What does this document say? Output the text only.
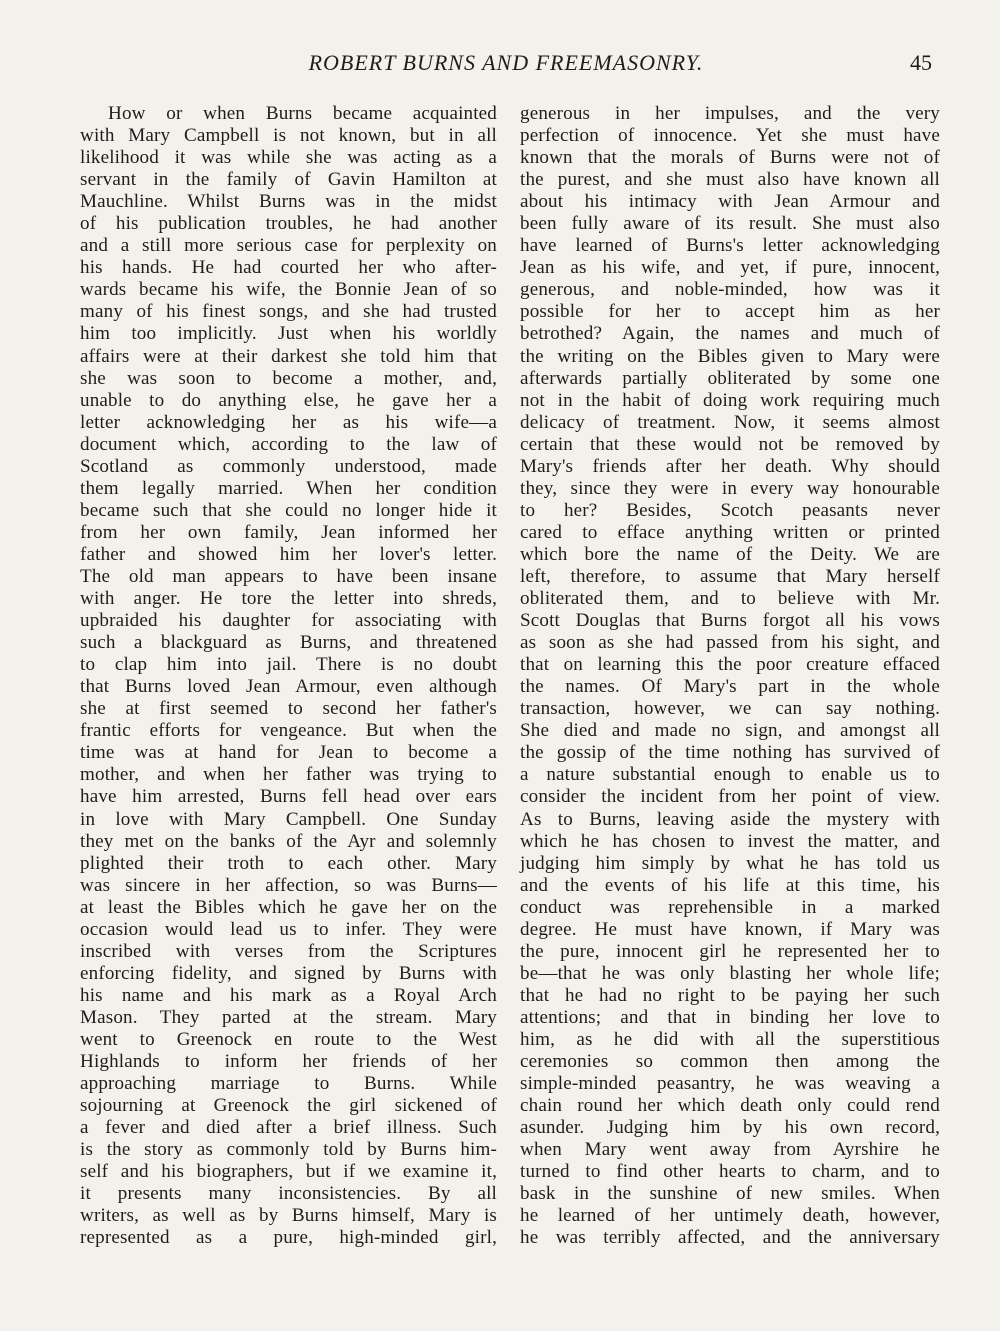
ROBERT BURNS AND FREEMASONRY.	45
How or when Burns became acquainted
with Mary Campbell is not known, but in all
likelihood it was while she was acting as a
servant in the family of Gavin Hamilton at
Mauchline. Whilst Burns was in the midst
of his publication troubles, he had another
and a still more serious case for perplexity on
his hands. He had courted her who after-
wards became his wife, the Bonnie Jean of so
many of his finest songs, and she had trusted
him too implicitly. Just when his worldly
affairs were at their darkest she told him that
she was soon to become a mother, and,
unable to do anything else, he gave her a
letter acknowledging her as his wife—a
document which, according to the law of
Scotland as commonly understood, made
them legally married. When her condition
became such that she could no longer hide it
from her own family, Jean informed her
father and showed him her lover's letter.
The old man appears to have been insane
with anger. He tore the letter into shreds,
upbraided his daughter for associating with
such a blackguard as Burns, and threatened
to clap him into jail. There is no doubt
that Burns loved Jean Armour, even although
she at first seemed to second her father's
frantic efforts for vengeance. But when the
time was at hand for Jean to become a
mother, and when her father was trying to
have him arrested, Burns fell head over ears
in love with Mary Campbell. One Sunday
they met on the banks of the Ayr and solemnly
plighted their troth to each other. Mary
was sincere in her affection, so was Burns—
at least the Bibles which he gave her on the
occasion would lead us to infer. They were
inscribed with verses from the Scriptures
enforcing fidelity, and signed by Burns with
his name and his mark as a Royal Arch
Mason. They parted at the stream. Mary
went to Greenock en route to the West
Highlands to inform her friends of her
approaching marriage to Burns. While
sojourning at Greenock the girl sickened of
a fever and died after a brief illness. Such
is the story as commonly told by Burns him-
self and his biographers, but if we examine it,
it presents many inconsistencies. By all
writers, as well as by Burns himself, Mary is
represented as a pure, high-minded girl,
generous in her impulses, and the very
perfection of innocence. Yet she must have
known that the morals of Burns were not of
the purest, and she must also have known all
about his intimacy with Jean Armour and
been fully aware of its result. She must also
have learned of Burns's letter acknowledging
Jean as his wife, and yet, if pure, innocent,
generous, and noble-minded, how was it
possible for her to accept him as her
betrothed? Again, the names and much of
the writing on the Bibles given to Mary were
afterwards partially obliterated by some one
not in the habit of doing work requiring much
delicacy of treatment. Now, it seems almost
certain that these would not be removed by
Mary's friends after her death. Why should
they, since they were in every way honourable
to her? Besides, Scotch peasants never
cared to efface anything written or printed
which bore the name of the Deity. We are
left, therefore, to assume that Mary herself
obliterated them, and to believe with Mr.
Scott Douglas that Burns forgot all his vows
as soon as she had passed from his sight, and
that on learning this the poor creature effaced
the names. Of Mary's part in the whole
transaction, however, we can say nothing.
She died and made no sign, and amongst all
the gossip of the time nothing has survived of
a nature substantial enough to enable us to
consider the incident from her point of view.
As to Burns, leaving aside the mystery with
which he has chosen to invest the matter, and
judging him simply by what he has told us
and the events of his life at this time, his
conduct was reprehensible in a marked
degree. He must have known, if Mary was
the pure, innocent girl he represented her to
be—that he was only blasting her whole life;
that he had no right to be paying her such
attentions; and that in binding her love to
him, as he did with all the superstitious
ceremonies so common then among the
simple-minded peasantry, he was weaving a
chain round her which death only could rend
asunder. Judging him by his own record,
when Mary went away from Ayrshire he
turned to find other hearts to charm, and to
bask in the sunshine of new smiles. When
he learned of her untimely death, however,
he was terribly affected, and the anniversary
